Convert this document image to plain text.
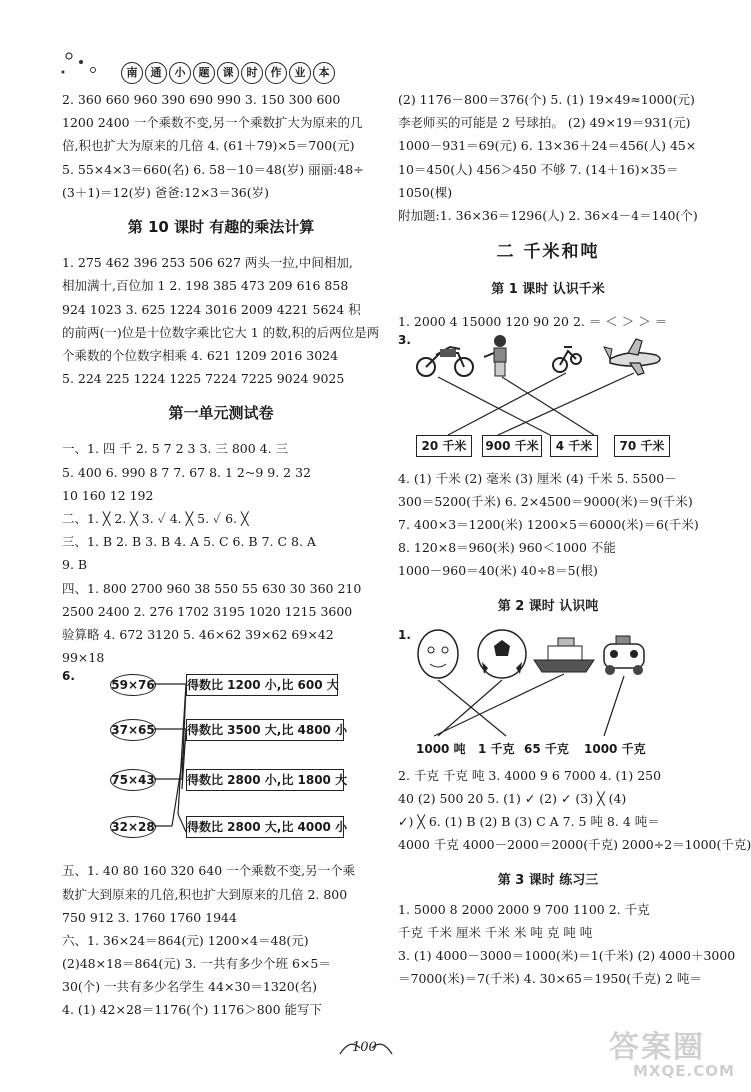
南	通	小	题	课	时	作	业	本
2. 360 660 960 390 690 990 3. 150 300 600
1200 2400 一个乘数不变,另一个乘数扩大为原来的几
倍,积也扩大为原来的几倍 4. (61＋79)×5＝700(元)
5. 55×4×3＝660(名) 6. 58－10＝48(岁) 丽丽:48÷
(3＋1)＝12(岁) 爸爸:12×3＝36(岁)
第 10 课时 有趣的乘法计算
1. 275 462 396 253 506 627 两头一拉,中间相加,
相加满十,百位加 1 2. 198 385 473 209 616 858
924 1023 3. 625 1224 3016 2009 4221 5624 积
的前两(一)位是十位数字乘比它大 1 的数,积的后两位是两
个乘数的个位数字相乘 4. 621 1209 2016 3024
5. 224 225 1224 1225 7224 7225 9024 9025
第一单元测试卷
一、1. 四 千 2. 5 7 2 3 3. 三 800 4. 三
5. 400 6. 990 8 7 7. 67 8. 1 2~9 9. 2 32
10 160 12 192
二、1. ╳ 2. ╳ 3. ✓ 4. ╳ 5. ✓ 6. ╳
三、1. B 2. B 3. B 4. A 5. C 6. B 7. C 8. A
9. B
四、1. 800 2700 960 38 550 55 630 30 360 210
2500 2400 2. 276 1702 3195 1020 1215 3600
验算略 4. 672 3120 5. 46×62 39×62 69×42
99×18
6.
59×76
37×65
75×43
32×28
得数比 1200 小,比 600 大
得数比 3500 大,比 4800 小
得数比 2800 小,比 1800 大
得数比 2800 大,比 4000 小
五、1. 40 80 160 320 640 一个乘数不变,另一个乘
数扩大到原来的几倍,积也扩大到原来的几倍 2. 800
750 912 3. 1760 1760 1944
六、1. 36×24＝864(元) 1200×4＝48(元)
(2)48×18＝864(元) 3. 一共有多少个班 6×5＝
30(个) 一共有多少名学生 44×30＝1320(名)
4. (1) 42×28＝1176(个) 1176＞800 能写下
(2) 1176－800＝376(个) 5. (1) 19×49≈1000(元)
李老师买的可能是 2 号球拍。 (2) 49×19＝931(元)
1000－931＝69(元) 6. 13×36＋24＝456(人) 45×
10＝450(人) 456＞450 不够 7. (14＋16)×35＝
1050(棵)
附加题:1. 36×36＝1296(人) 2. 36×4－4＝140(个)
二 千米和吨
第 1 课时 认识千米
1. 2000 4 15000 120 90 20 2. ＝ ＜ ＞ ＞ ＝
3.
20 千米	900 千米	4 千米	70 千米
4. (1) 千米 (2) 毫米 (3) 厘米 (4) 千米 5. 5500－
300＝5200(千米) 6. 2×4500＝9000(米)＝9(千米)
7. 400×3＝1200(米) 1200×5＝6000(米)＝6(千米)
8. 120×8＝960(米) 960＜1000 不能
1000－960＝40(米) 40÷8＝5(根)
第 2 课时 认识吨
1.
1000 吨 1 千克 65 千克 1000 千克
2. 千克 千克 吨 3. 4000 9 6 7000 4. (1) 250
40 (2) 500 20 5. (1) ✓ (2) ✓ (3) ╳ (4)
✓) ╳ 6. (1) B (2) B (3) C A 7. 5 吨 8. 4 吨＝
4000 千克 4000－2000＝2000(千克) 2000÷2＝1000(千克)
第 3 课时 练习三
1. 5000 8 2000 2000 9 700 1100 2. 千克
千克 千米 厘米 千米 米 吨 克 吨 吨
3. (1) 4000－3000＝1000(米)＝1(千米) (2) 4000＋3000
＝7000(米)＝7(千米) 4. 30×65＝1950(千克) 2 吨＝
100	答案圈
MXQE.COM
